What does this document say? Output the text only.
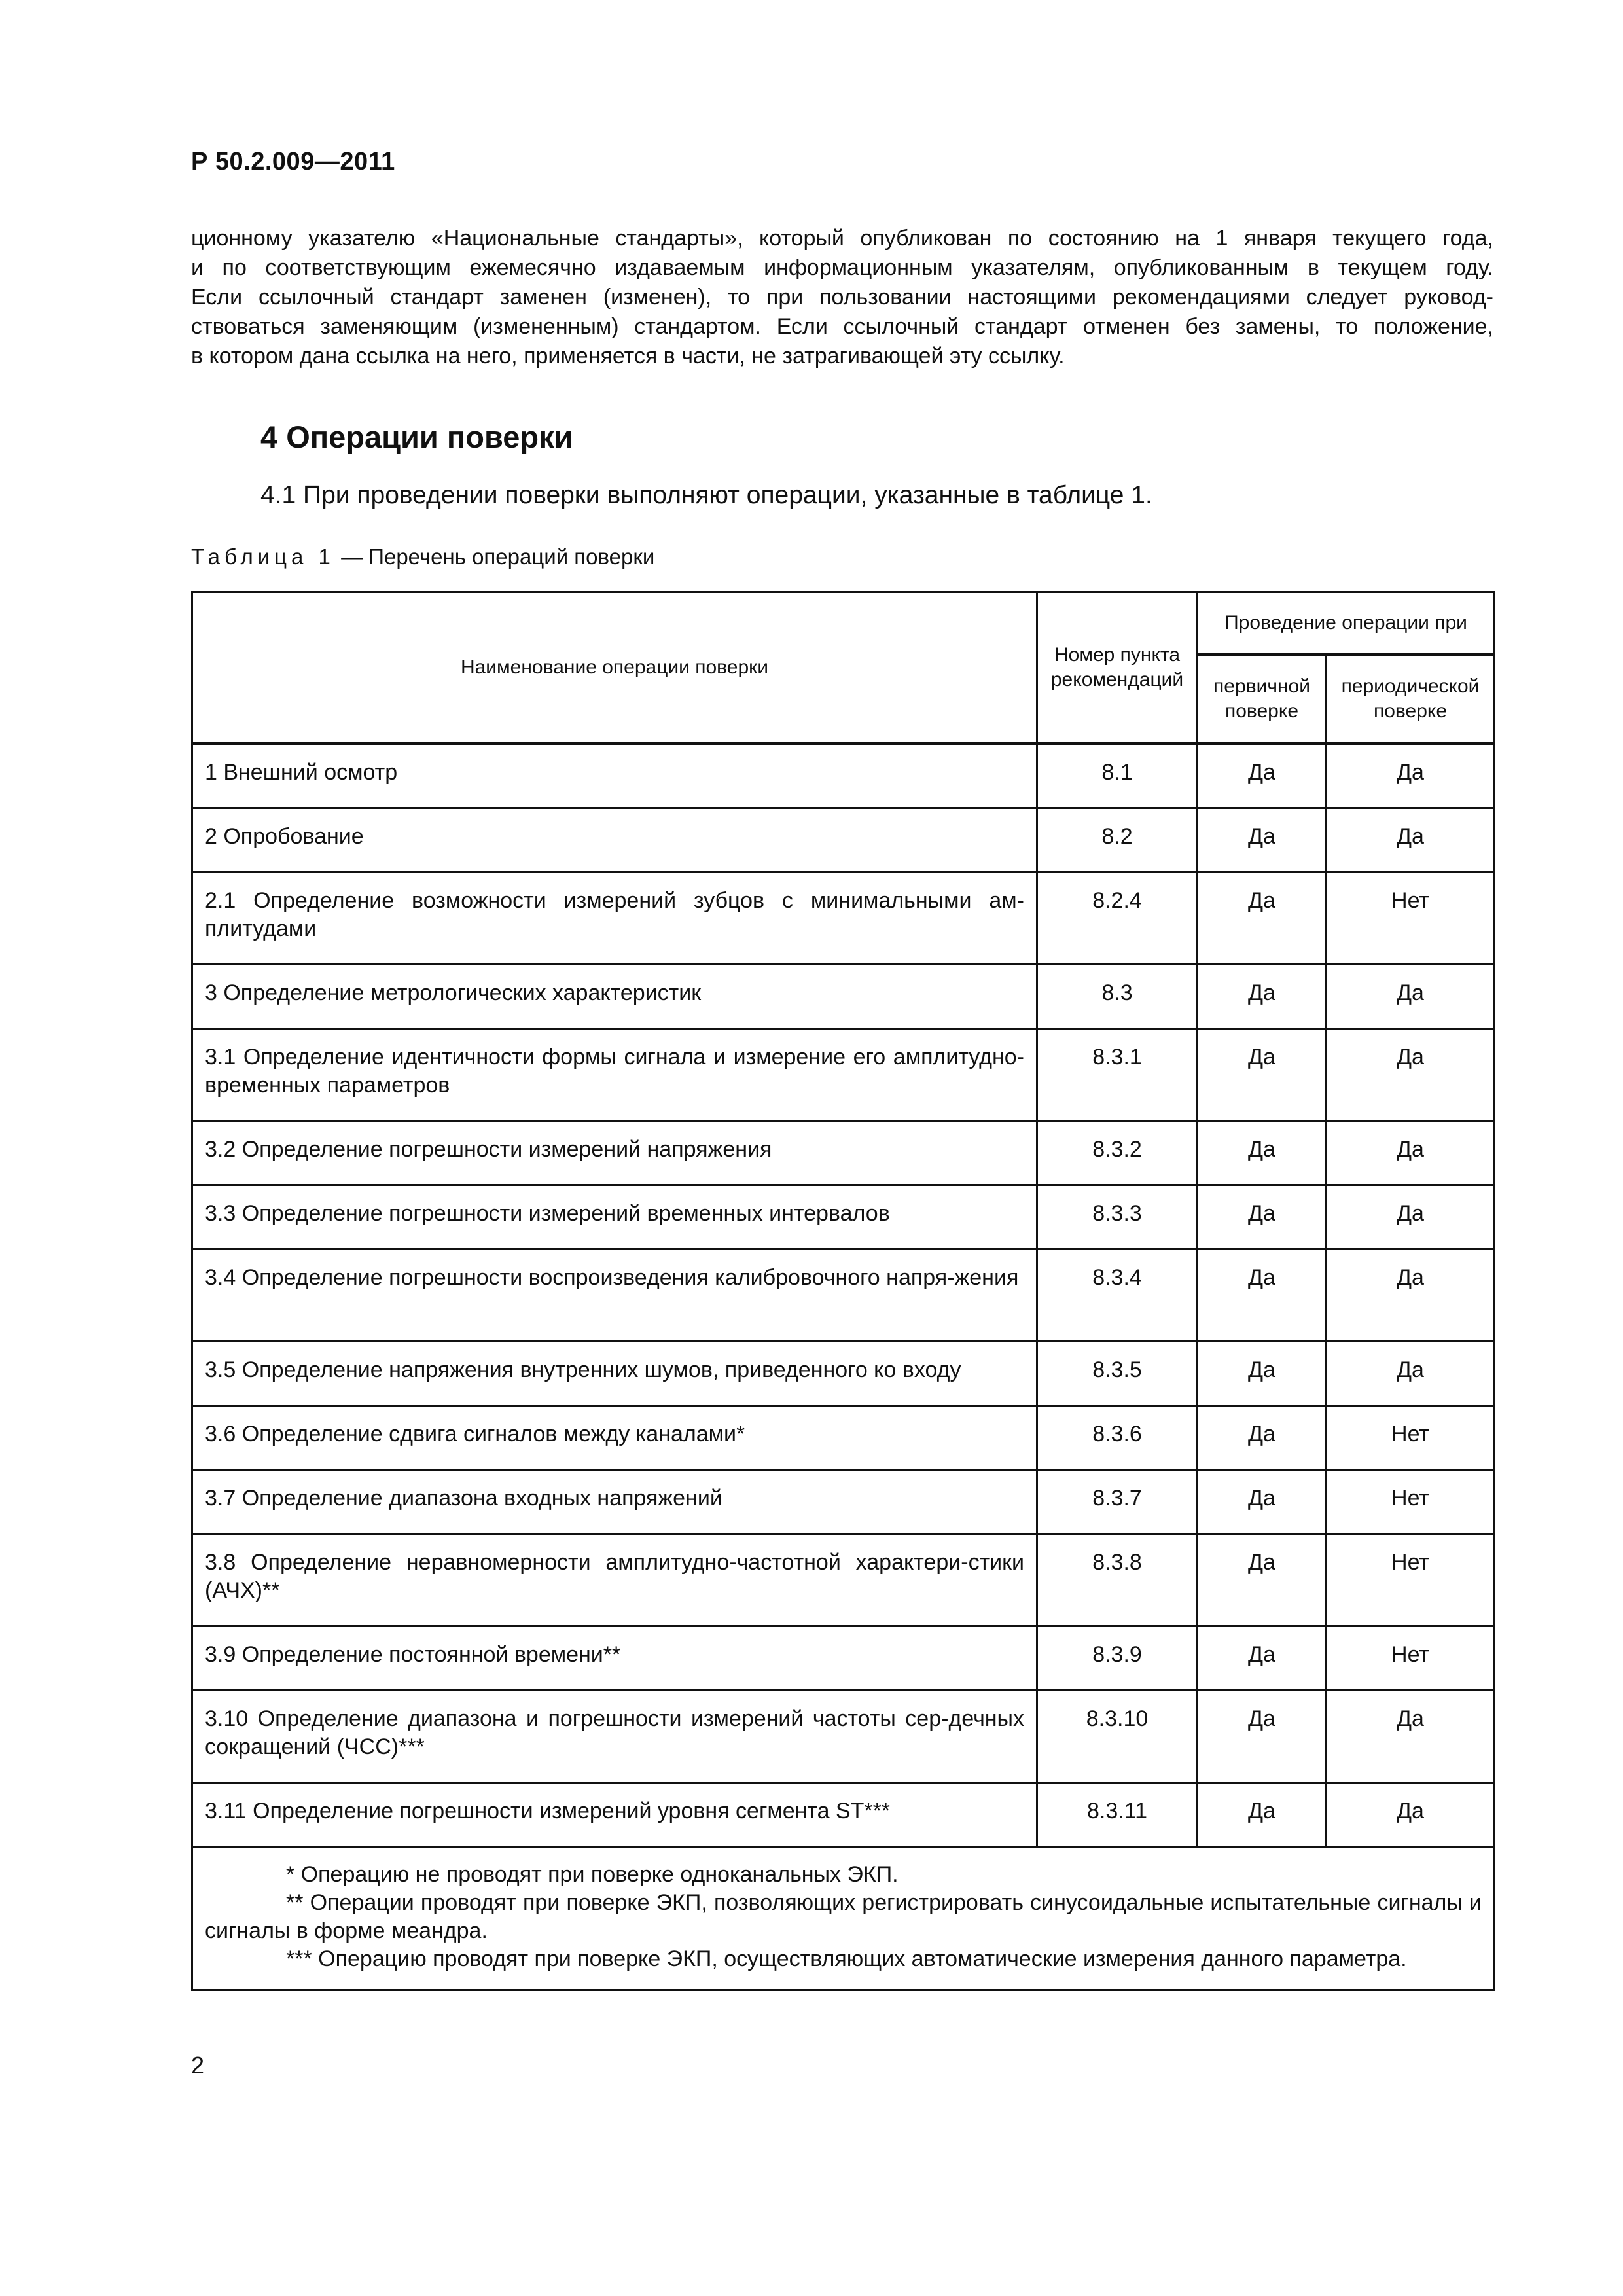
Р 50.2.009—2011

ционному указателю «Национальные стандарты», который опубликован по состоянию на 1 января текущего года,

и по соответствующим ежемесячно издаваемым информационным указателям, опубликованным в текущем году.

Если ссылочный стандарт заменен (изменен), то при пользовании настоящими рекомендациями следует руковод-

ствоваться заменяющим (измененным) стандартом. Если ссылочный стандарт отменен без замены, то положение,

в котором дана ссылка на него, применяется в части, не затрагивающей эту ссылку.

4 Операции поверки
4.1 При проведении поверки выполняют операции, указанные в таблице 1.
Таблица 1 — Перечень операций поверки
Наименование операции поверки	Номер пункта рекомендаций	Проведение операции при	
		первичной поверке	периодической поверке
1 Внешний осмотр	8.1	Да	Да
2 Опробование	8.2	Да	Да
2.1 Определение возможности измерений зубцов с минимальными ам-плитудами	8.2.4	Да	Нет
3 Определение метрологических характеристик	8.3	Да	Да
3.1 Определение идентичности формы сигнала и измерение его амплитудно-временных параметров	8.3.1	Да	Да
3.2 Определение погрешности измерений напряжения	8.3.2	Да	Да
3.3 Определение погрешности измерений временных интервалов	8.3.3	Да	Да
3.4 Определение погрешности воспроизведения калибровочного напря-жения	8.3.4	Да	Да
3.5 Определение напряжения внутренних шумов, приведенного ко входу	8.3.5	Да	Да
3.6 Определение сдвига сигналов между каналами*	8.3.6	Да	Нет
3.7 Определение диапазона входных напряжений	8.3.7	Да	Нет
3.8 Определение неравномерности амплитудно-частотной характери-стики (АЧХ)**	8.3.8	Да	Нет
3.9 Определение постоянной времени**	8.3.9	Да	Нет
3.10 Определение диапазона и погрешности измерений частоты сер-дечных сокращений (ЧСС)***	8.3.10	Да	Да
3.11 Определение погрешности измерений уровня сегмента ST***	8.3.11	Да	Да

* Операцию не проводят при поверке одноканальных ЭКП.

** Операции проводят при поверке ЭКП, позволяющих регистрировать синусоидальные испытательные сигналы и сигналы в форме меандра.

*** Операцию проводят при поверке ЭКП, осуществляющих автоматические измерения данного параметра.			

2
